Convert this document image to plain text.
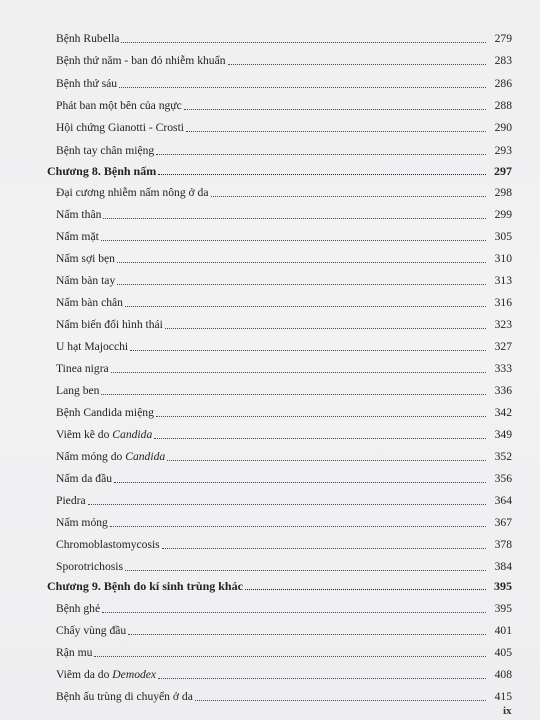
Bệnh Rubella	279
Bệnh thứ năm - ban đỏ nhiễm khuẩn	283
Bệnh thứ sáu	286
Phát ban một bên của ngực	288
Hội chứng Gianotti - Crosti	290
Bệnh tay chân miệng	293
Chương 8. Bệnh nấm	297
Đại cương nhiễm nấm nông ở da	298
Nấm thân	299
Nấm mặt	305
Nấm sợi bẹn	310
Nấm bàn tay	313
Nấm bàn chân	316
Nấm biến đổi hình thái	323
U hạt Majocchi	327
Tinea nigra	333
Lang ben	336
Bệnh Candida miệng	342
Viêm kẽ do Candida	349
Nấm móng do Candida	352
Nấm da đầu	356
Piedra	364
Nấm móng	367
Chromoblastomycosis	378
Sporotrichosis	384
Chương 9. Bệnh do kí sinh trùng khác	395
Bệnh ghẻ	395
Chấy vùng đầu	401
Rận mu	405
Viêm da do Demodex	408
Bệnh ấu trùng di chuyển ở da	415
ix
